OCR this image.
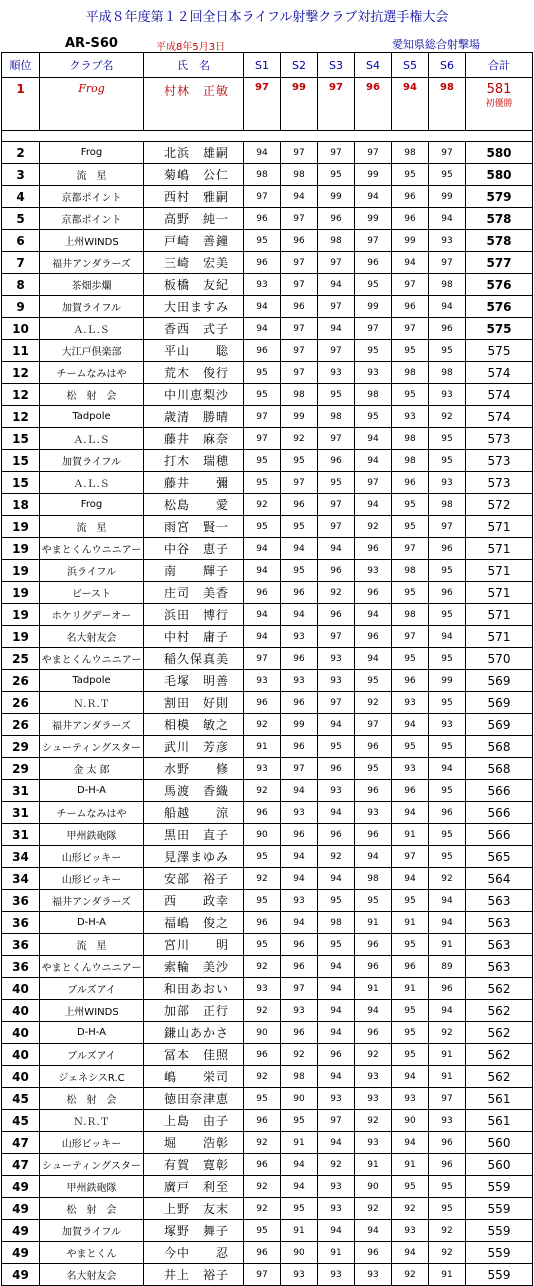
平成８年度第１２回全日本ライフル射撃クラブ対抗選手権大会
AR-S60	平成8年5月3日	愛知県総合射撃場
順位	クラブ名	氏　名	S1	S2	S3	S4	S5	S6	合計
1	Frog	村林　正敏	97	99	97	96	94	98	581
初優勝

2	Frog	北浜　雄嗣	94	97	97	97	98	97	580
3	流　星	菊嶋　公仁	98	98	95	99	95	95	580
4	京都ポイント	西村　雅嗣	97	94	99	94	96	99	579
5	京都ポイント	高野　純一	96	97	96	99	96	94	578
6	上州WINDS	戸崎　善鐘	95	96	98	97	99	93	578
7	福井アンダラーズ	三崎　宏美	96	97	97	96	94	97	577
8	茶畑歩爛	板橋　友紀	93	97	94	95	97	98	576
9	加賀ライフル	大田ますみ	94	96	97	99	96	94	576
10	Ａ.Ｌ.Ｓ	香西　式子	94	97	94	97	97	96	575
11	大江戸倶楽部	平山　　聡	96	97	97	95	95	95	575
12	チームなみはや	荒木　俊行	95	97	93	93	98	98	574
12	松　射　会	中川恵梨沙	95	98	95	98	95	93	574
12	Tadpole	歳清　勝晴	97	99	98	95	93	92	574
15	Ａ.Ｌ.Ｓ	藤井　麻奈	97	92	97	94	98	95	573
15	加賀ライフル	打木　瑞穂	95	95	96	94	98	95	573
15	Ａ.Ｌ.Ｓ	藤井　　彌	95	97	95	97	96	93	573
18	Frog	松島　　愛	92	96	97	94	95	98	572
19	流　星	雨宮　賢一	95	95	97	92	95	97	571
19	やまとくんウニニアー	中谷　恵子	94	94	94	96	97	96	571
19	浜ライフル	南　　輝子	94	95	96	93	98	95	571
19	ビースト	庄司　美香	96	96	92	96	95	96	571
19	ホケリグデーオー	浜田　博行	94	94	96	94	98	95	571
19	名大射友会	中村　庸子	94	93	97	96	97	94	571
25	やまとくんウニニアー	稲久保真美	97	96	93	94	95	95	570
26	Tadpole	毛塚　明善	93	93	93	95	96	99	569
26	Ｎ.Ｒ.Ｔ	割田　好則	96	96	97	92	93	95	569
26	福井アンダラーズ	相模　敏之	92	99	94	97	94	93	569
29	シューティングスター	武川　芳彦	91	96	95	96	95	95	568
29	金 太 郎	水野　　修	93	97	96	95	93	94	568
31	D-H-A	馬渡　香織	92	94	93	96	96	95	566
31	チームなみはや	船越　　涼	96	93	94	93	94	96	566
31	甲州鉄砲隊	黒田　直子	90	96	96	96	91	95	566
34	山形ビッキー	見澤まゆみ	95	94	92	94	97	95	565
34	山形ビッキー	安部　裕子	92	94	94	98	94	92	564
36	福井アンダラーズ	西　　政幸	95	93	95	95	95	94	563
36	D-H-A	福嶋　俊之	96	94	98	91	91	94	563
36	流　星	宮川　　明	95	96	95	96	95	91	563
36	やまとくんウニニアー	索輪　美沙	92	96	94	96	96	89	563
40	ブルズアイ	和田あおい	93	97	94	91	91	96	562
40	上州WINDS	加部　正行	92	93	94	94	95	94	562
40	D-H-A	鎌山あかさ	90	96	94	96	95	92	562
40	ブルズアイ	冨本　佳照	96	92	96	92	95	91	562
40	ジェネシスR.C	嶋　　栄司	92	98	94	93	94	91	562
45	松　射　会	徳田奈津恵	95	90	93	93	93	97	561
45	Ｎ.Ｒ.Ｔ	上島　由子	96	95	97	92	90	93	561
47	山形ビッキー	堀　　浩彰	92	91	94	93	94	96	560
47	シューティングスター	有賀　寛彰	96	94	92	91	91	96	560
49	甲州鉄砲隊	廣戸　利至	92	94	93	90	95	95	559
49	松　射　会	上野　友末	92	95	93	92	92	95	559
49	加賀ライフル	塚野　舞子	95	91	94	94	93	92	559
49	やまとくん	今中　　忍	96	90	91	96	94	92	559
49	名大射友会	井上　裕子	97	93	93	93	92	91	559
